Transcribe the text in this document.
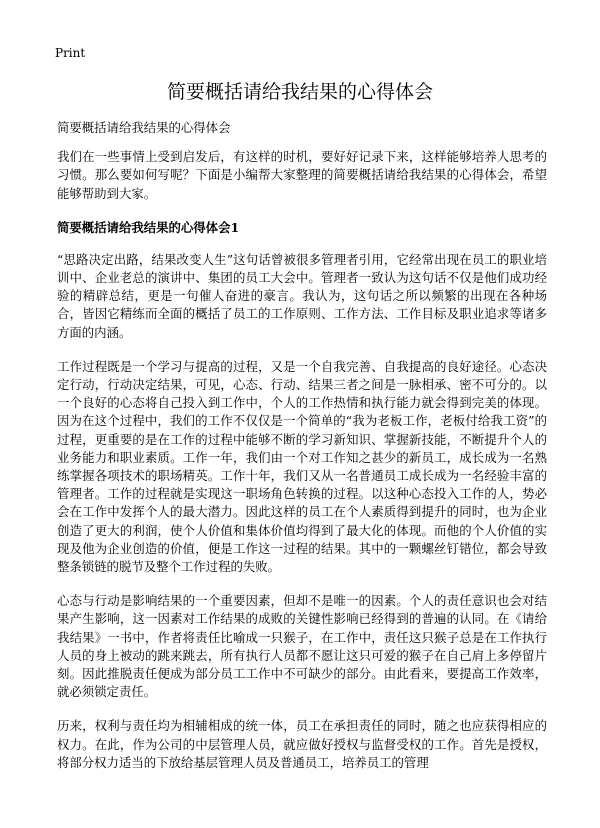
Print
简要概括请给我结果的心得体会

简要概括请给我结果的心得体会

我们在一些事情上受到启发后，有这样的时机，要好好记录下来，这样能够培养人思考的习惯。那么要如何写呢？下面是小编帮大家整理的简要概括请给我结果的心得体会，希望能够帮助到大家。

简要概括请给我结果的心得体会1

“思路决定出路，结果改变人生”这句话曾被很多管理者引用，它经常出现在员工的职业培训中、企业老总的演讲中、集团的员工大会中。管理者一致认为这句话不仅是他们成功经验的精辟总结，更是一句催人奋进的豪言。我认为，这句话之所以频繁的出现在各种场合，皆因它精练而全面的概括了员工的工作原则、工作方法、工作目标及职业追求等诸多方面的内涵。

工作过程既是一个学习与提高的过程，又是一个自我完善、自我提高的良好途径。心态决定行动，行动决定结果，可见，心态、行动、结果三者之间是一脉相承、密不可分的。以一个良好的心态将自己投入到工作中，个人的工作热情和执行能力就会得到完美的体现。因为在这个过程中，我们的工作不仅仅是一个简单的“我为老板工作，老板付给我工资”的过程，更重要的是在工作的过程中能够不断的学习新知识、掌握新技能，不断提升个人的业务能力和职业素质。工作一年，我们由一个对工作知之甚少的新员工，成长成为一名熟练掌握各项技术的职场精英。工作十年，我们又从一名普通员工成长成为一名经验丰富的管理者。工作的过程就是实现这一职场角色转换的过程。以这种心态投入工作的人，势必会在工作中发挥个人的最大潜力。因此这样的员工在个人素质得到提升的同时，也为企业创造了更大的利润，使个人价值和集体价值均得到了最大化的体现。而他的个人价值的实现及他为企业创造的价值，便是工作这一过程的结果。其中的一颗螺丝钉错位，都会导致整条锁链的脱节及整个工作过程的失败。

心态与行动是影响结果的一个重要因素，但却不是唯一的因素。个人的责任意识也会对结果产生影响，这一因素对工作结果的成败的关键性影响已经得到的普遍的认同。在《请给我结果》一书中，作者将责任比喻成一只猴子，在工作中，责任这只猴子总是在工作执行人员的身上被动的跳来跳去，所有执行人员都不愿让这只可爱的猴子在自己肩上多停留片刻。因此推脱责任便成为部分员工工作中不可缺少的部分。由此看来，要提高工作效率，就必须锁定责任。

历来，权利与责任均为相辅相成的统一体，员工在承担责任的同时，随之也应获得相应的权力。在此，作为公司的中层管理人员，就应做好授权与监督受权的工作。首先是授权，将部分权力适当的下放给基层管理人员及普通员工，培养员工的管理
